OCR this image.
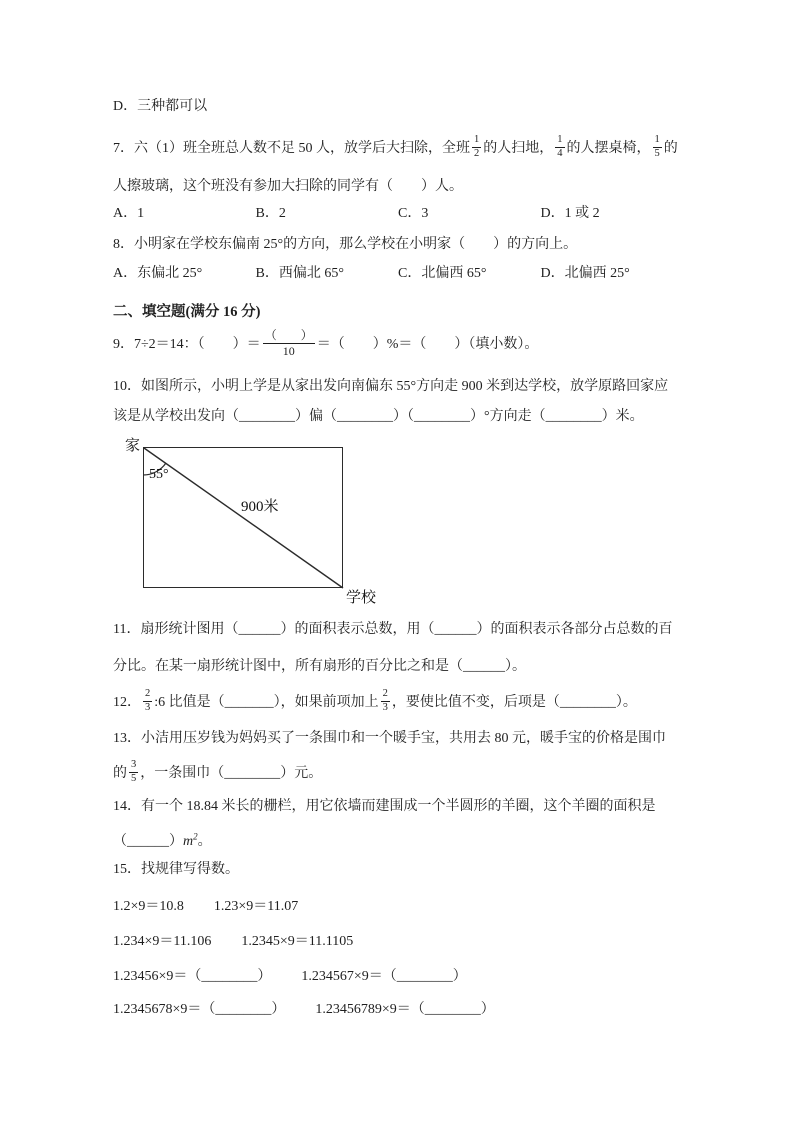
D．三种都可以
7．六（1）班全班总人数不足 50 人，放学后大扫除，全班 $\frac{1}{2}$ 的人扫地， $\frac{1}{4}$ 的人摆桌椅， $\frac{1}{5}$ 的
人擦玻璃，这个班没有参加大扫除的同学有（　　）人。
A．1	B．2	C．3	D．1 或 2
8．小明家在学校东偏南 25°的方向，那么学校在小明家（　　）的方向上。
A．东偏北 25°	B．西偏北 65°	C．北偏西 65°	D．北偏西 25°
二、填空题(满分 16 分)
9．7÷2＝14：（　　）＝ $\frac{( )}{10}$ ＝（　　）%＝（　　）（填小数）。
10．如图所示，小明上学是从家出发向南偏东 55°方向走 900 米到达学校，放学原路回家应
该是从学校出发向（________）偏（________）（________）°方向走（________）米。
家
55°
900米
学校
11．扇形统计图用（______）的面积表示总数，用（______）的面积表示各部分占总数的百
分比。在某一扇形统计图中，所有扇形的百分比之和是（______）。
12． $\frac{2}{3}$ :6 比值是（_______），如果前项加上 $\frac{2}{3}$ ，要使比值不变，后项是（________）。
13．小洁用压岁钱为妈妈买了一条围巾和一个暖手宝，共用去 80 元，暖手宝的价格是围巾
的 $\frac{3}{5}$ ，一条围巾（________）元。
14．有一个 18.84 米长的栅栏，用它依墙而建围成一个半圆形的羊圈，这个羊圈的面积是
$(\_\_\_\_\_\_)m^2$。
15．找规律写得数。
1.2×9＝10.8 1.23×9＝11.07
1.234×9＝11.106 1.2345×9＝11.1105
1.23456×9＝（________） 1.234567×9＝（________）
1.2345678×9＝（________） 1.23456789×9＝（________）
